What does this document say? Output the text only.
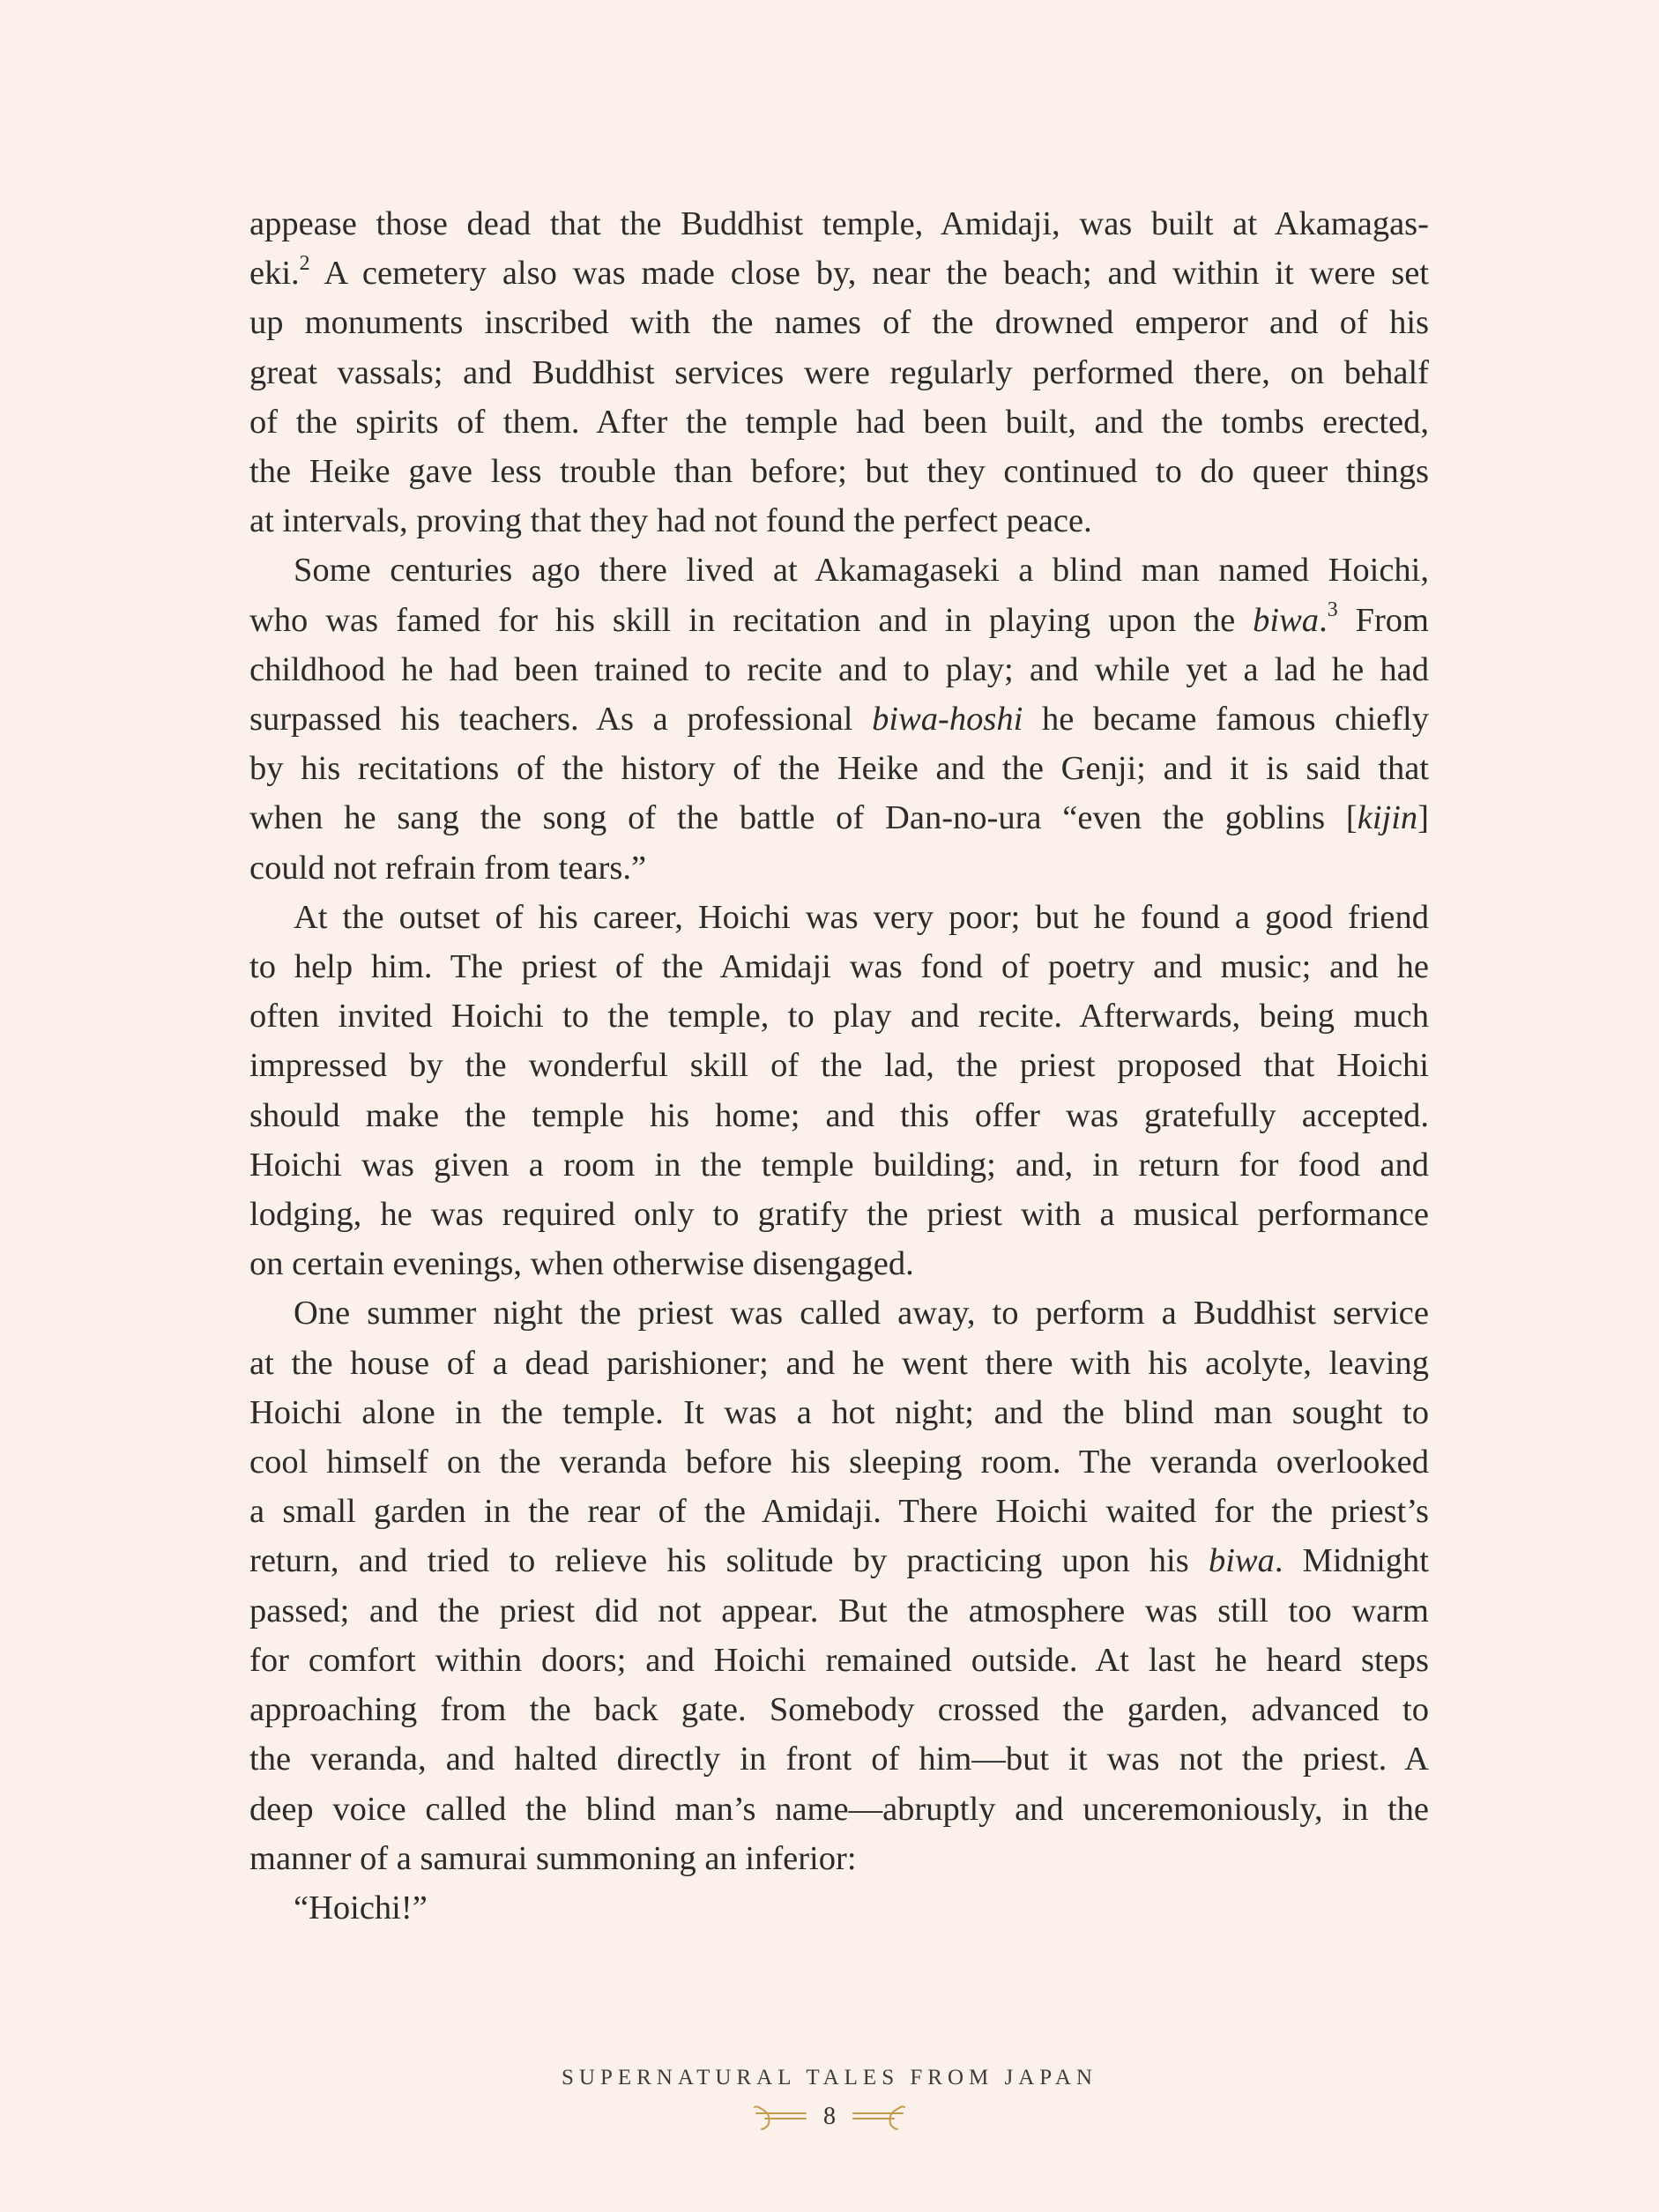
appease those dead that the Buddhist temple, Amidaji, was built at Akamagas-
eki.$^2$ A cemetery also was made close by, near the beach; and within it were set
up monuments inscribed with the names of the drowned emperor and of his
great vassals; and Buddhist services were regularly performed there, on behalf
of the spirits of them. After the temple had been built, and the tombs erected,
the Heike gave less trouble than before; but they continued to do queer things
at intervals, proving that they had not found the perfect peace.

Some centuries ago there lived at Akamagaseki a blind man named Hoichi,
who was famed for his skill in recitation and in playing upon the biwa.$^3$ From
childhood he had been trained to recite and to play; and while yet a lad he had
surpassed his teachers. As a professional biwa-hoshi he became famous chiefly
by his recitations of the history of the Heike and the Genji; and it is said that
when he sang the song of the battle of Dan-no-ura “even the goblins [kijin]
could not refrain from tears.”

At the outset of his career, Hoichi was very poor; but he found a good friend
to help him. The priest of the Amidaji was fond of poetry and music; and he
often invited Hoichi to the temple, to play and recite. Afterwards, being much
impressed by the wonderful skill of the lad, the priest proposed that Hoichi
should make the temple his home; and this offer was gratefully accepted.
Hoichi was given a room in the temple building; and, in return for food and
lodging, he was required only to gratify the priest with a musical performance
on certain evenings, when otherwise disengaged.

One summer night the priest was called away, to perform a Buddhist service
at the house of a dead parishioner; and he went there with his acolyte, leaving
Hoichi alone in the temple. It was a hot night; and the blind man sought to
cool himself on the veranda before his sleeping room. The veranda overlooked
a small garden in the rear of the Amidaji. There Hoichi waited for the priest’s
return, and tried to relieve his solitude by practicing upon his biwa. Midnight
passed; and the priest did not appear. But the atmosphere was still too warm
for comfort within doors; and Hoichi remained outside. At last he heard steps
approaching from the back gate. Somebody crossed the garden, advanced to
the veranda, and halted directly in front of him—but it was not the priest. A
deep voice called the blind man’s name—abruptly and unceremoniously, in the
manner of a samurai summoning an inferior:

“Hoichi!”

SUPERNATURAL TALES FROM JAPAN
8
